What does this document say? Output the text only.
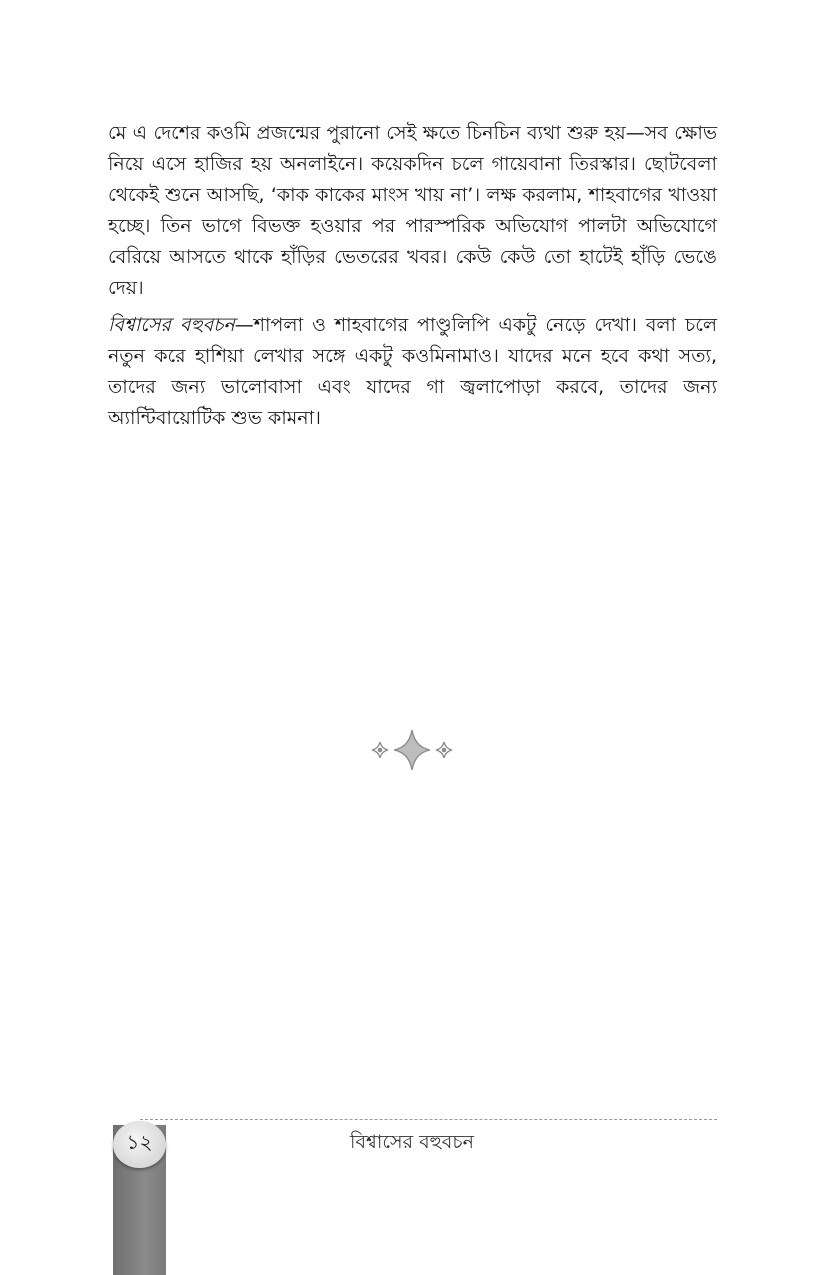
মে এ দেশের কওমি প্রজন্মের পুরানো সেই ক্ষতে চিনচিন ব্যথা শুরু হয়—সব ক্ষোভ নিয়ে এসে হাজির হয় অনলাইনে। কয়েকদিন চলে গায়েবানা তিরস্কার। ছোটবেলা থেকেই শুনে আসছি, ‘কাক কাকের মাংস খায় না’। লক্ষ করলাম, শাহবাগের খাওয়া হচ্ছে। তিন ভাগে বিভক্ত হওয়ার পর পারস্পরিক অভিযোগ পালটা অভিযোগে বেরিয়ে আসতে থাকে হাঁড়ির ভেতরের খবর। কেউ কেউ তো হাটেই হাঁড়ি ভেঙে দেয়।

বিশ্বাসের বহুবচন—শাপলা ও শাহবাগের পাণ্ডুলিপি একটু নেড়ে দেখা। বলা চলে নতুন করে হাশিয়া লেখার সঙ্গে একটু কওমিনামাও। যাদের মনে হবে কথা সত্য, তাদের জন্য ভালোবাসা এবং যাদের গা জ্বলাপোড়া করবে, তাদের জন্য অ্যান্টিবায়োটিক শুভ কামনা।

১২	বিশ্বাসের বহুবচন
